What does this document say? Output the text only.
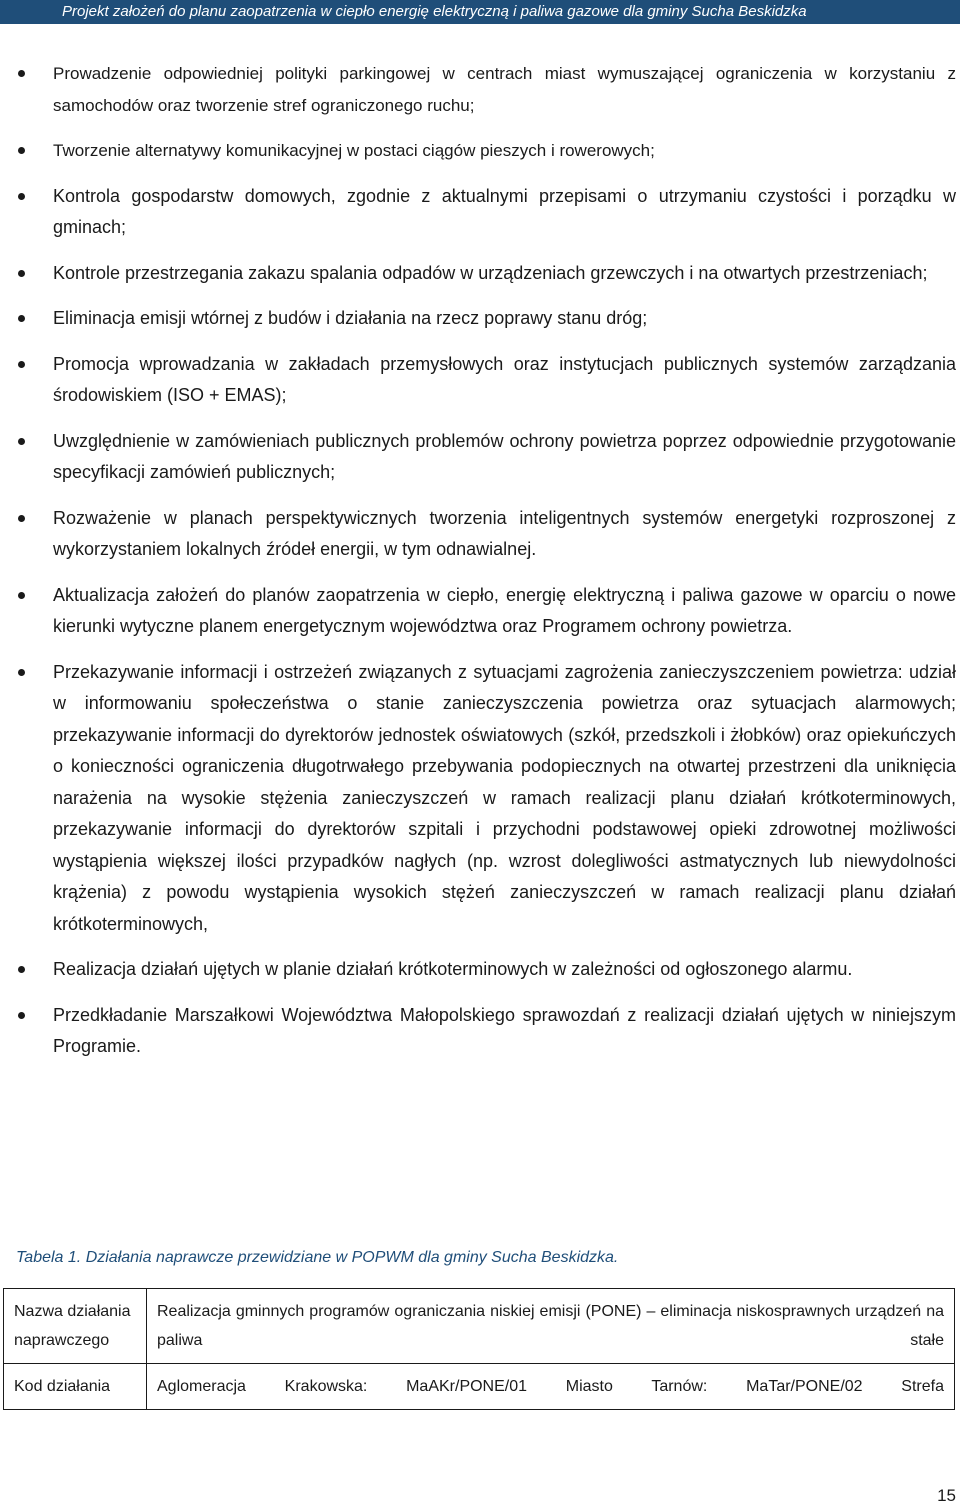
Projekt założeń do planu zaopatrzenia w ciepło energię elektryczną i paliwa gazowe dla gminy Sucha Beskidzka
Prowadzenie odpowiedniej polityki parkingowej w centrach miast wymuszającej ograniczenia w korzystaniu z samochodów oraz tworzenie stref ograniczonego ruchu;
Tworzenie alternatywy komunikacyjnej w postaci ciągów pieszych i rowerowych;
Kontrola gospodarstw domowych, zgodnie z aktualnymi przepisami o utrzymaniu czystości i porządku w gminach;
Kontrole przestrzegania zakazu spalania odpadów w urządzeniach grzewczych i na otwartych przestrzeniach;
Eliminacja emisji wtórnej z budów i działania na rzecz poprawy stanu dróg;
Promocja wprowadzania w zakładach przemysłowych oraz instytucjach publicznych systemów zarządzania środowiskiem (ISO + EMAS);
Uwzględnienie w zamówieniach publicznych problemów ochrony powietrza poprzez odpowiednie przygotowanie specyfikacji zamówień publicznych;
Rozważenie w planach perspektywicznych tworzenia inteligentnych systemów energetyki rozproszonej z wykorzystaniem lokalnych źródeł energii, w tym odnawialnej.
Aktualizacja założeń do planów zaopatrzenia w ciepło, energię elektryczną i paliwa gazowe w oparciu o nowe kierunki wytyczne planem energetycznym województwa oraz Programem ochrony powietrza.
Przekazywanie informacji i ostrzeżeń związanych z sytuacjami zagrożenia zanieczyszczeniem powietrza: udział w informowaniu społeczeństwa o stanie zanieczyszczenia powietrza oraz sytuacjach alarmowych; przekazywanie informacji do dyrektorów jednostek oświatowych (szkół, przedszkoli i żłobków) oraz opiekuńczych o konieczności ograniczenia długotrwałego przebywania podopiecznych na otwartej przestrzeni dla uniknięcia narażenia na wysokie stężenia zanieczyszczeń w ramach realizacji planu działań krótkoterminowych, przekazywanie informacji do dyrektorów szpitali i przychodni podstawowej opieki zdrowotnej możliwości wystąpienia większej ilości przypadków nagłych (np. wzrost dolegliwości astmatycznych lub niewydolności krążenia) z powodu wystąpienia wysokich stężeń zanieczyszczeń w ramach realizacji planu działań krótkoterminowych,
Realizacja działań ujętych w planie działań krótkoterminowych w zależności od ogłoszonego alarmu.
Przedkładanie Marszałkowi Województwa Małopolskiego sprawozdań z realizacji działań ujętych w niniejszym Programie.
Tabela 1. Działania naprawcze przewidziane w POPWM dla gminy Sucha Beskidzka.
Nazwa działania naprawczego	Realizacja gminnych programów ograniczania niskiej emisji (PONE) – eliminacja niskosprawnych urządzeń na paliwa stałe
Kod działania	Aglomeracja Krakowska: MaAKr/PONE/01 Miasto Tarnów: MaTar/PONE/02 Strefa
15
